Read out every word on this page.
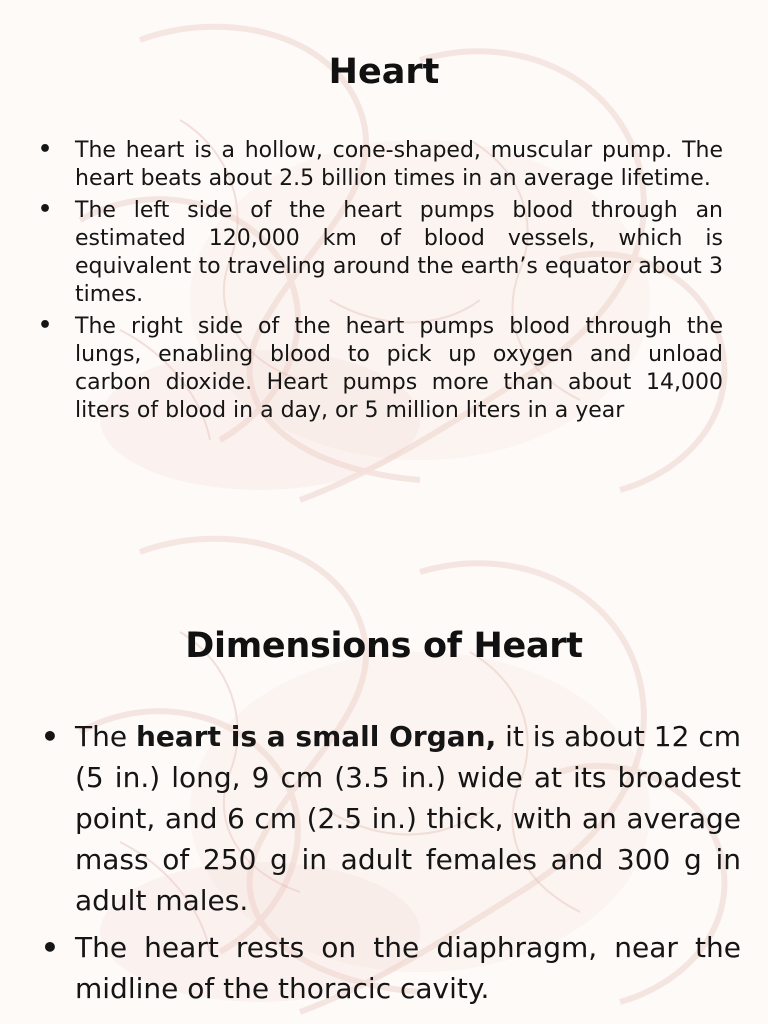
Heart
• The heart is a hollow, cone-shaped, muscular pump. The heart beats about 2.5 billion times in an average lifetime.
• The left side of the heart pumps blood through an estimated 120,000 km of blood vessels, which is equivalent to traveling around the earth’s equator about 3 times.
• The right side of the heart pumps blood through the lungs, enabling blood to pick up oxygen and unload carbon dioxide. Heart pumps more than about 14,000 liters of blood in a day, or 5 million liters in a year
Dimensions of Heart
• The heart is a small Organ, it is about 12 cm (5 in.) long, 9 cm (3.5 in.) wide at its broadest point, and 6 cm (2.5 in.) thick, with an average mass of 250 g in adult females and 300 g in adult males.
• The heart rests on the diaphragm, near the midline of the thoracic cavity.
